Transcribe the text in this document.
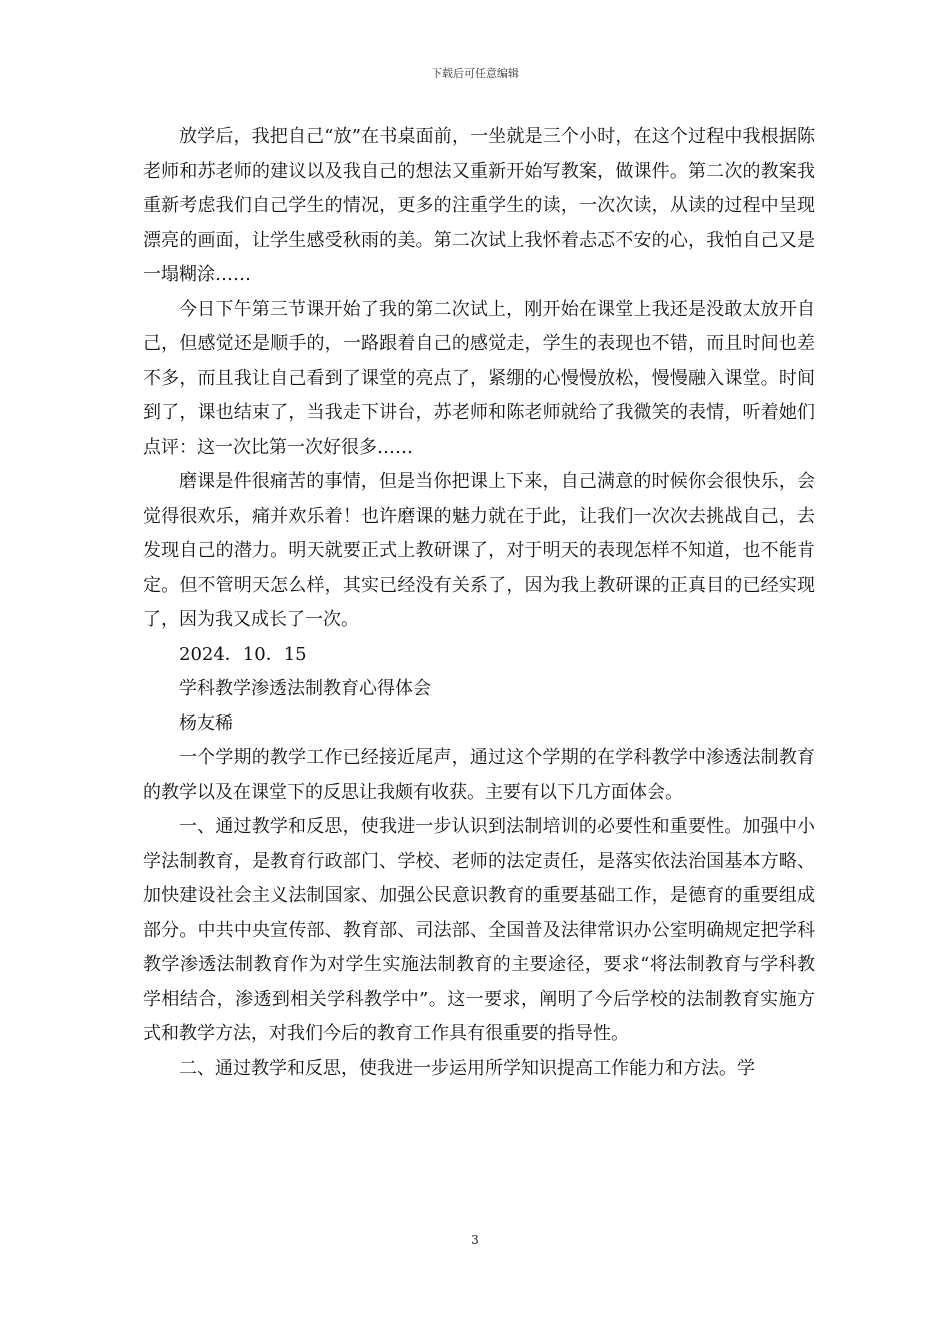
下载后可任意编辑

放学后，我把自己“放”在书桌面前，一坐就是三个小时，在这个过程中我根据陈老师和苏老师的建议以及我自己的想法又重新开始写教案，做课件。第二次的教案我重新考虑我们自己学生的情况，更多的注重学生的读，一次次读，从读的过程中呈现漂亮的画面，让学生感受秋雨的美。第二次试上我怀着忐忑不安的心，我怕自己又是一塌糊涂……

今日下午第三节课开始了我的第二次试上，刚开始在课堂上我还是没敢太放开自己，但感觉还是顺手的，一路跟着自己的感觉走，学生的表现也不错，而且时间也差不多，而且我让自己看到了课堂的亮点了，紧绷的心慢慢放松，慢慢融入课堂。时间到了，课也结束了，当我走下讲台，苏老师和陈老师就给了我微笑的表情，听着她们点评：这一次比第一次好很多……

磨课是件很痛苦的事情，但是当你把课上下来，自己满意的时候你会很快乐，会觉得很欢乐，痛并欢乐着！也许磨课的魅力就在于此，让我们一次次去挑战自己，去发现自己的潜力。明天就要正式上教研课了，对于明天的表现怎样不知道，也不能肯定。但不管明天怎么样，其实已经没有关系了，因为我上教研课的正真目的已经实现了，因为我又成长了一次。

2024．10．15

学科教学渗透法制教育心得体会

杨友稀

一个学期的教学工作已经接近尾声，通过这个学期的在学科教学中渗透法制教育的教学以及在课堂下的反思让我颇有收获。主要有以下几方面体会。

一、通过教学和反思，使我进一步认识到法制培训的必要性和重要性。加强中小学法制教育，是教育行政部门、学校、老师的法定责任，是落实依法治国基本方略、加快建设社会主义法制国家、加强公民意识教育的重要基础工作，是德育的重要组成部分。中共中央宣传部、教育部、司法部、全国普及法律常识办公室明确规定把学科教学渗透法制教育作为对学生实施法制教育的主要途径，要求“将法制教育与学科教学相结合，渗透到相关学科教学中”。这一要求，阐明了今后学校的法制教育实施方式和教学方法，对我们今后的教育工作具有很重要的指导性。

二、通过教学和反思，使我进一步运用所学知识提高工作能力和方法。学

3
